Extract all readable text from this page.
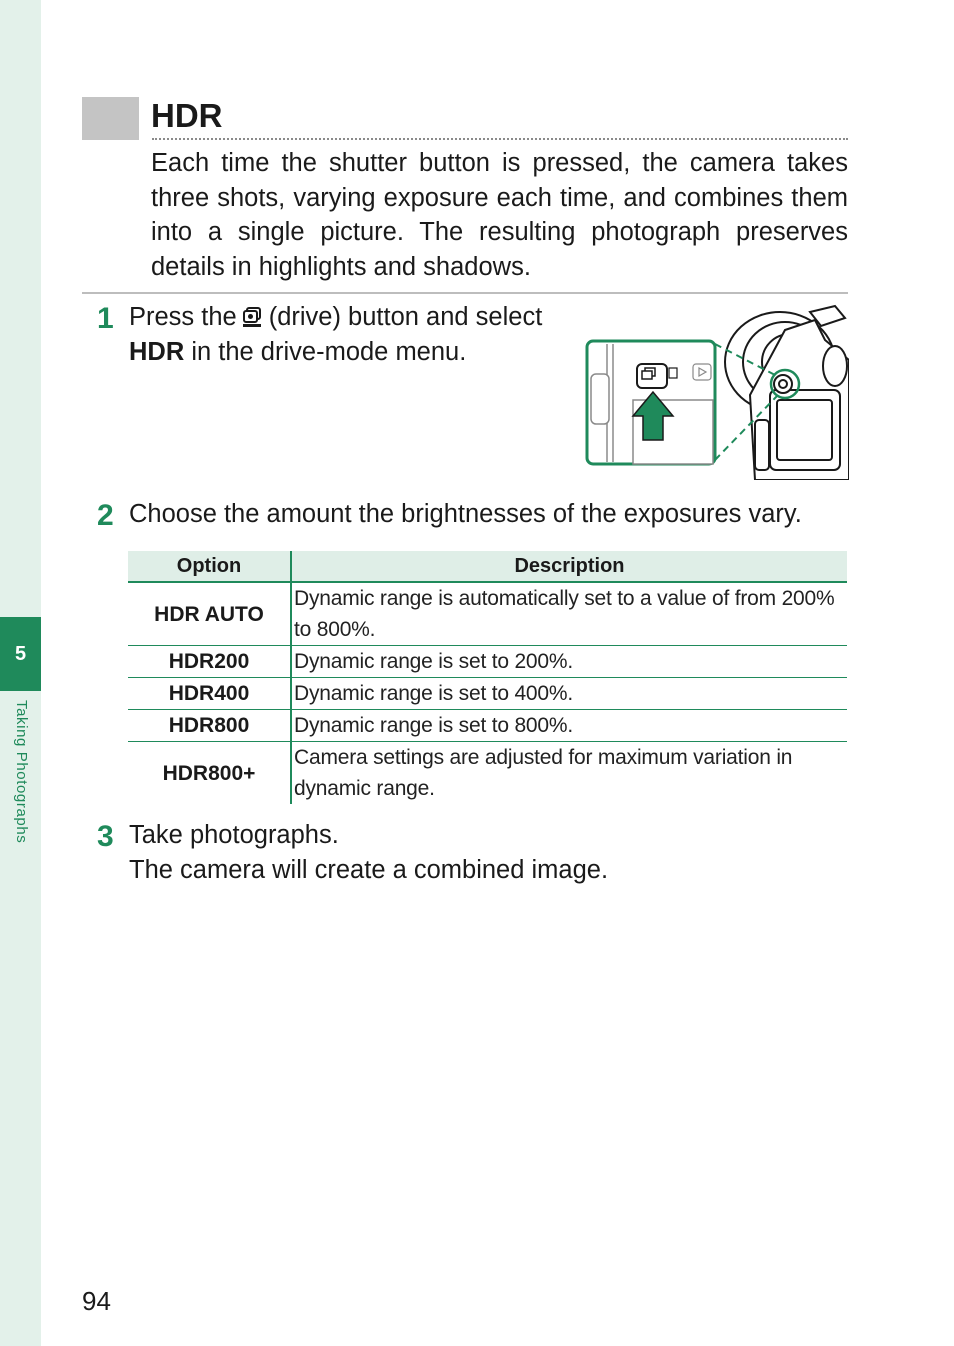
5
Taking Photographs
HDR

Each time the shutter button is pressed, the camera takes three shots, varying exposure each time, and combines them into a single picture. The resulting photograph preserves details in highlights and shadows.

1 Press the (drive) button and select
HDR in the drive-mode menu.
2 Choose the amount the brightnesses of the exposures vary.
Option	Description
HDR AUTO	Dynamic range is automatically set to a value of from 200% to 800%.
HDR200	Dynamic range is set to 200%.
HDR400	Dynamic range is set to 400%.
HDR800	Dynamic range is set to 800%.
HDR800+	Camera settings are adjusted for maximum variation in dynamic range.
3 Take photographs.
The camera will create a combined image.
94
